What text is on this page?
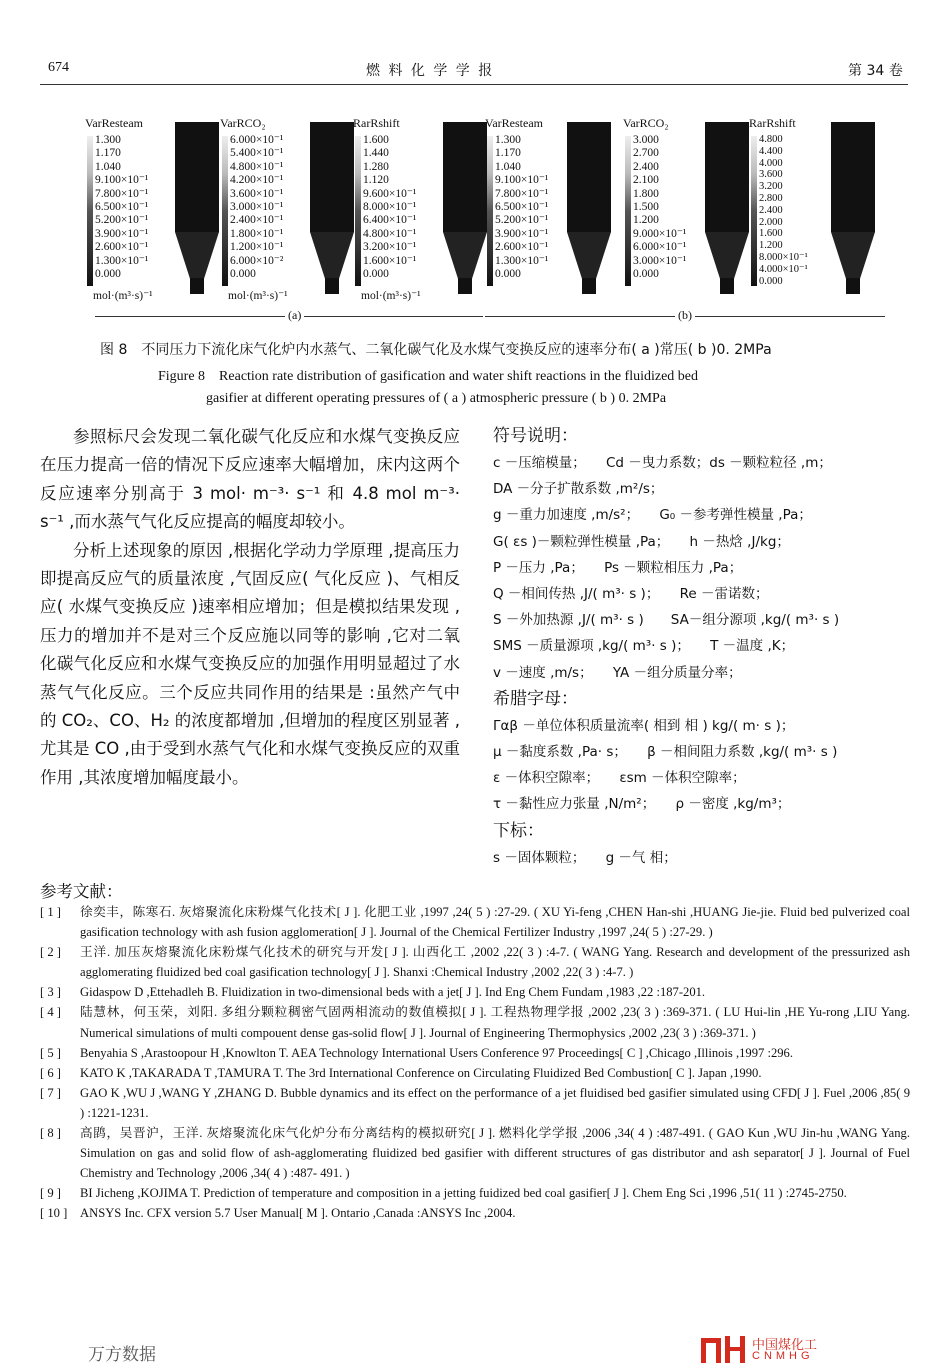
674	燃 料 化 学 学 报	第 34 卷
(a)	(b)
VarResteam
1.300
1.170
1.040
9.100×10⁻¹
7.800×10⁻¹
6.500×10⁻¹
5.200×10⁻¹
3.900×10⁻¹
2.600×10⁻¹
1.300×10⁻¹
0.000
mol·(m³·s)⁻¹
VarRCO₂
6.000×10⁻¹
5.400×10⁻¹
4.800×10⁻¹
4.200×10⁻¹
3.600×10⁻¹
3.000×10⁻¹
2.400×10⁻¹
1.800×10⁻¹
1.200×10⁻¹
6.000×10⁻²
0.000
mol·(m³·s)⁻¹
RarRshift
1.600
1.440
1.280
1.120
9.600×10⁻¹
8.000×10⁻¹
6.400×10⁻¹
4.800×10⁻¹
3.200×10⁻¹
1.600×10⁻¹
0.000
mol·(m³·s)⁻¹
VarResteam
1.300
1.170
1.040
9.100×10⁻¹
7.800×10⁻¹
6.500×10⁻¹
5.200×10⁻¹
3.900×10⁻¹
2.600×10⁻¹
1.300×10⁻¹
0.000
VarRCO₂
3.000
2.700
2.400
2.100
1.800
1.500
1.200
9.000×10⁻¹
6.000×10⁻¹
3.000×10⁻¹
0.000
RarRshift
4.800
4.400
4.000
3.600
3.200
2.800
2.400
2.000
1.600
1.200
8.000×10⁻¹
4.000×10⁻¹
0.000
图 8　不同压力下流化床气化炉内水蒸气、二氧化碳气化及水煤气变换反应的速率分布( a )常压( b )0. 2MPa
Figure 8　Reaction rate distribution of gasification and water shift reactions in the fluidized bed
gasifier at different operating pressures of ( a ) atmospheric pressure ( b ) 0. 2MPa

参照标尺会发现二氧化碳气化反应和水煤气变换反应在压力提高一倍的情况下反应速率大幅增加，床内这两个反应速率分别高于 3 mol· m⁻³· s⁻¹ 和 4.8 mol m⁻³· s⁻¹ ,而水蒸气气化反应提高的幅度却较小。

分析上述现象的原因 ,根据化学动力学原理 ,提高压力即提高反应气的质量浓度 ,气固反应( 气化反应 )、气相反应( 水煤气变换反应 )速率相应增加；但是模拟结果发现 ,压力的增加并不是对三个反应施以同等的影响 ,它对二氧化碳气化反应和水煤气变换反应的加强作用明显超过了水蒸气气化反应。三个反应共同作用的结果是 :虽然产气中的 CO₂、CO、H₂ 的浓度都增加 ,但增加的程度区别显著 ,尤其是 CO ,由于受到水蒸气气化和水煤气变换反应的双重作用 ,其浓度增加幅度最小。

符号说明：
c －压缩模量；　　Cd －曳力系数；ds －颗粒粒径 ,m；
DA －分子扩散系数 ,m²/s；
g －重力加速度 ,m/s²；　　G₀ －参考弹性模量 ,Pa；
G( εs )－颗粒弹性模量 ,Pa；　　h －热焓 ,J/kg；
P －压力 ,Pa；　　Ps －颗粒相压力 ,Pa；
Q －相间传热 ,J/( m³· s )；　　Re －雷诺数；
S －外加热源 ,J/( m³· s )　　SA－组分源项 ,kg/( m³· s )
SMS －质量源项 ,kg/( m³· s )；　　T －温度 ,K；
v －速度 ,m/s；　　YA －组分质量分率；
希腊字母：
Γαβ －单位体积质量流率( 相到 相 ) kg/( m· s )；
μ －黏度系数 ,Pa· s；　　β －相间阻力系数 ,kg/( m³· s )
ε －体积空隙率；　　εsm －体积空隙率；
τ －黏性应力张量 ,N/m²；　　ρ －密度 ,kg/m³；
下标：
s －固体颗粒；　　g －气 相；
参考文献：
[ 1 ]	徐奕丰，陈寒石. 灰熔聚流化床粉煤气化技术[ J ]. 化肥工业 ,1997 ,24( 5 ) :27-29. ( XU Yi-feng ,CHEN Han-shi ,HUANG Jie-jie. Fluid bed pulverized coal gasification technology with ash fusion agglomeration[ J ]. Journal of the Chemical Fertilizer Industry ,1997 ,24( 5 ) :27-29. )
[ 2 ]	王洋. 加压灰熔聚流化床粉煤气化技术的研究与开发[ J ]. 山西化工 ,2002 ,22( 3 ) :4-7. ( WANG Yang. Research and development of the pressurized ash agglomerating fluidized bed coal gasification technology[ J ]. Shanxi :Chemical Industry ,2002 ,22( 3 ) :4-7. )
[ 3 ]	Gidaspow D ,Ettehadleh B. Fluidization in two-dimensional beds with a jet[ J ]. Ind Eng Chem Fundam ,1983 ,22 :187-201.
[ 4 ]	陆慧林，何玉荣，刘阳. 多组分颗粒稠密气固两相流动的数值模拟[ J ]. 工程热物理学报 ,2002 ,23( 3 ) :369-371. ( LU Hui-lin ,HE Yu-rong ,LIU Yang. Numerical simulations of multi compouent dense gas-solid flow[ J ]. Journal of Engineering Thermophysics ,2002 ,23( 3 ) :369-371. )
[ 5 ]	Benyahia S ,Arastoopour H ,Knowlton T. AEA Technology International Users Conference 97 Proceedings[ C ] ,Chicago ,Illinois ,1997 :296.
[ 6 ]	KATO K ,TAKARADA T ,TAMURA T. The 3rd International Conference on Circulating Fluidized Bed Combustion[ C ]. Japan ,1990.
[ 7 ]	GAO K ,WU J ,WANG Y ,ZHANG D. Bubble dynamics and its effect on the performance of a jet fluidised bed gasifier simulated using CFD[ J ]. Fuel ,2006 ,85( 9 ) :1221-1231.
[ 8 ]	高鹍，吴晋沪，王洋. 灰熔聚流化床气化炉分布分离结构的模拟研究[ J ]. 燃料化学学报 ,2006 ,34( 4 ) :487-491. ( GAO Kun ,WU Jin-hu ,WANG Yang. Simulation on gas and solid flow of ash-agglomerating fluidized bed gasifier with different structures of gas distributor and ash separator[ J ]. Journal of Fuel Chemistry and Technology ,2006 ,34( 4 ) :487- 491. )
[ 9 ]	BI Jicheng ,KOJIMA T. Prediction of temperature and composition in a jetting fuidized bed coal gasifier[ J ]. Chem Eng Sci ,1996 ,51( 11 ) :2745-2750.
[ 10 ]	ANSYS Inc. CFX version 5.7 User Manual[ M ]. Ontario ,Canada :ANSYS Inc ,2004.
中国煤化工
CNMHG
万方数据
